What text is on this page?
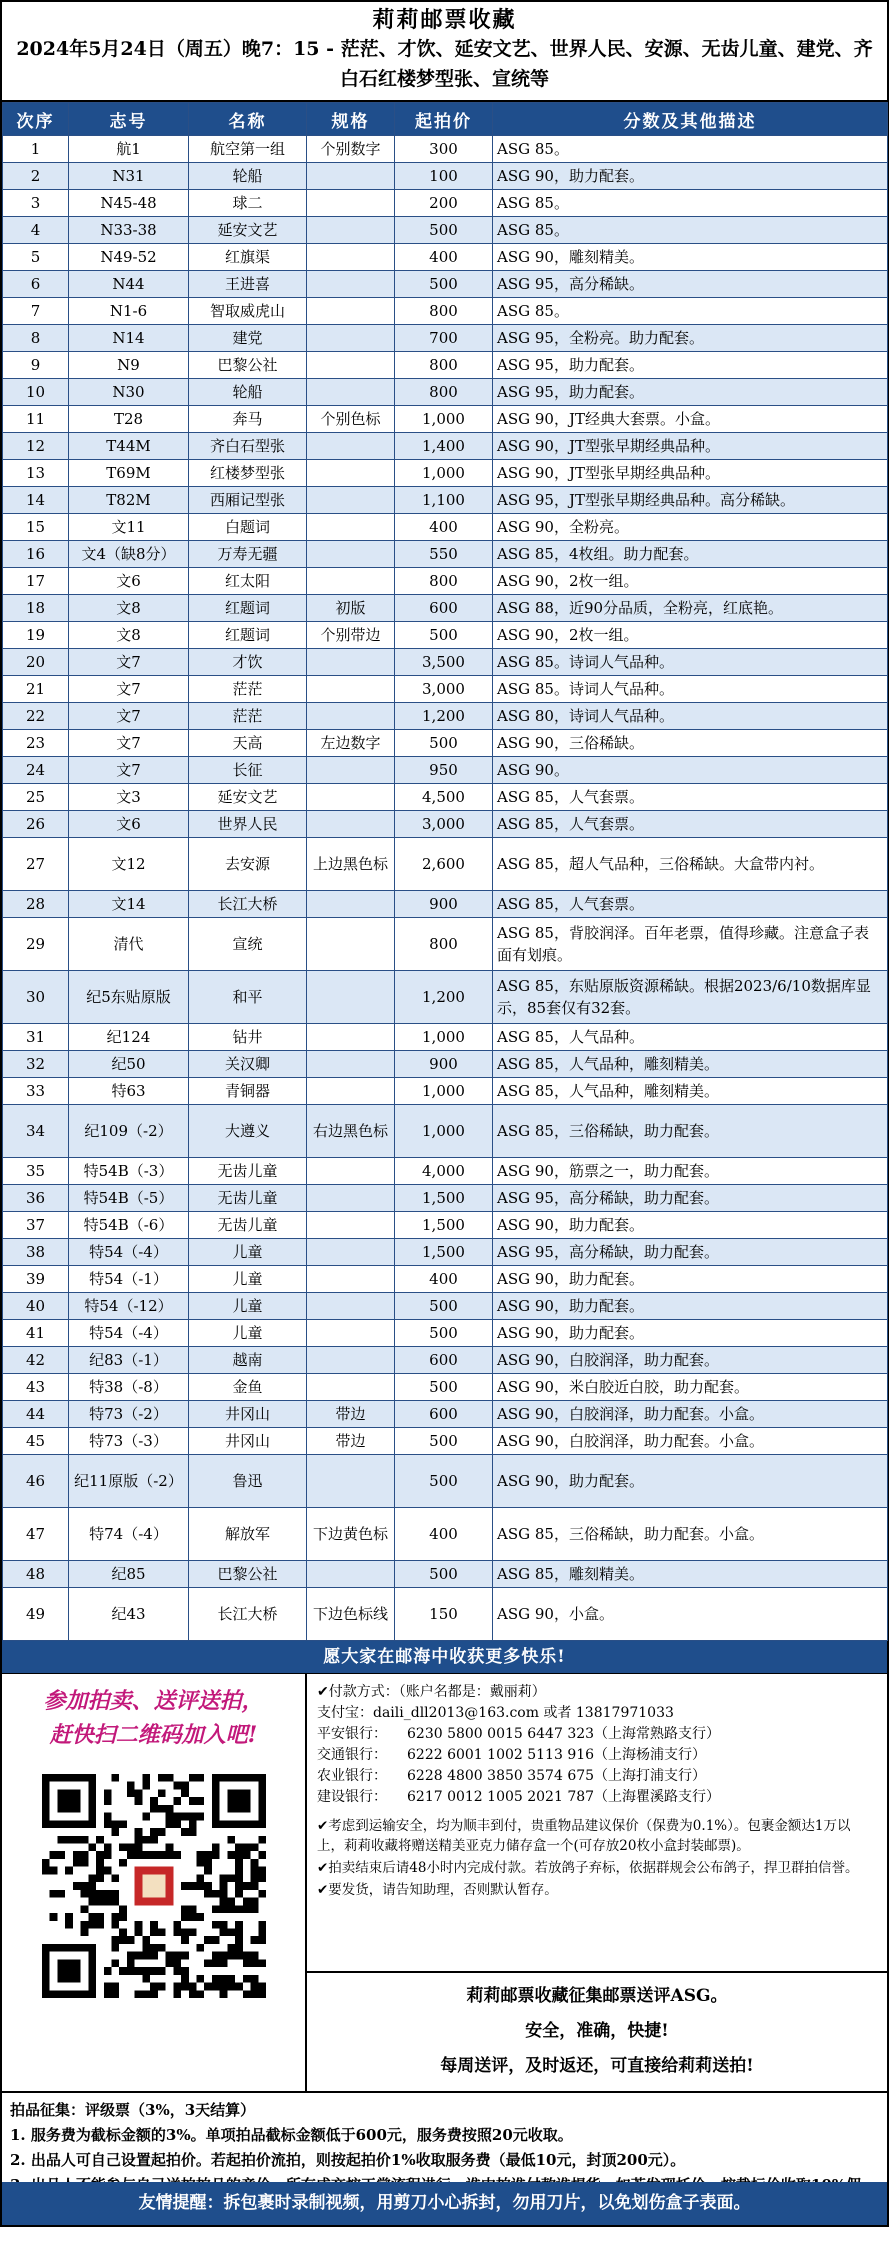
莉莉邮票收藏
2024年5月24日（周五）晚7：15 - 茫茫、才饮、延安文艺、世界人民、安源、无齿儿童、建党、齐白石红楼梦型张、宣统等
次序	志号	名称	规格	起拍价	分数及其他描述
1	航1	航空第一组	个别数字	300	ASG 85。
2	N31	轮船		100	ASG 90，助力配套。
3	N45-48	球二		200	ASG 85。
4	N33-38	延安文艺		500	ASG 85。
5	N49-52	红旗渠		400	ASG 90，雕刻精美。
6	N44	王进喜		500	ASG 95，高分稀缺。
7	N1-6	智取威虎山		800	ASG 85。
8	N14	建党		700	ASG 95，全粉亮。助力配套。
9	N9	巴黎公社		800	ASG 95，助力配套。
10	N30	轮船		800	ASG 95，助力配套。
11	T28	奔马	个别色标	1,000	ASG 90，JT经典大套票。小盒。
12	T44M	齐白石型张		1,400	ASG 90，JT型张早期经典品种。
13	T69M	红楼梦型张		1,000	ASG 90，JT型张早期经典品种。
14	T82M	西厢记型张		1,100	ASG 95，JT型张早期经典品种。高分稀缺。
15	文11	白题词		400	ASG 90，全粉亮。
16	文4（缺8分）	万寿无疆		550	ASG 85，4枚组。助力配套。
17	文6	红太阳		800	ASG 90，2枚一组。
18	文8	红题词	初版	600	ASG 88，近90分品质，全粉亮，红底艳。
19	文8	红题词	个别带边	500	ASG 90，2枚一组。
20	文7	才饮		3,500	ASG 85。诗词人气品种。
21	文7	茫茫		3,000	ASG 85。诗词人气品种。
22	文7	茫茫		1,200	ASG 80，诗词人气品种。
23	文7	天高	左边数字	500	ASG 90，三俗稀缺。
24	文7	长征		950	ASG 90。
25	文3	延安文艺		4,500	ASG 85，人气套票。
26	文6	世界人民		3,000	ASG 85，人气套票。
27	文12	去安源	上边黑色标	2,600	ASG 85，超人气品种，三俗稀缺。大盒带内衬。
28	文14	长江大桥		900	ASG 85，人气套票。
29	清代	宣统		800	ASG 85，背胶润泽。百年老票，值得珍藏。注意盒子表面有划痕。
30	纪5东贴原版	和平		1,200	ASG 85，东贴原版资源稀缺。根据2023/6/10数据库显示，85套仅有32套。
31	纪124	钻井		1,000	ASG 85，人气品种。
32	纪50	关汉卿		900	ASG 85，人气品种，雕刻精美。
33	特63	青铜器		1,000	ASG 85，人气品种，雕刻精美。
34	纪109（-2）	大遵义	右边黑色标	1,000	ASG 85，三俗稀缺，助力配套。
35	特54B（-3）	无齿儿童		4,000	ASG 90，筋票之一，助力配套。
36	特54B（-5）	无齿儿童		1,500	ASG 95，高分稀缺，助力配套。
37	特54B（-6）	无齿儿童		1,500	ASG 90，助力配套。
38	特54（-4）	儿童		1,500	ASG 95，高分稀缺，助力配套。
39	特54（-1）	儿童		400	ASG 90，助力配套。
40	特54（-12）	儿童		500	ASG 90，助力配套。
41	特54（-4）	儿童		500	ASG 90，助力配套。
42	纪83（-1）	越南		600	ASG 90，白胶润泽，助力配套。
43	特38（-8）	金鱼		500	ASG 90，米白胶近白胶，助力配套。
44	特73（-2）	井冈山	带边	600	ASG 90，白胶润泽，助力配套。小盒。
45	特73（-3）	井冈山	带边	500	ASG 90，白胶润泽，助力配套。小盒。
46	纪11原版（-2）	鲁迅		500	ASG 90，助力配套。
47	特74（-4）	解放军	下边黄色标	400	ASG 85，三俗稀缺，助力配套。小盒。
48	纪85	巴黎公社		500	ASG 85，雕刻精美。
49	纪43	长江大桥	下边色标线	150	ASG 90，小盒。
愿大家在邮海中收获更多快乐!
参加拍卖、送评送拍，
赶快扫二维码加入吧!
✔付款方式：（账户名都是：戴丽莉）
支付宝：daili_dll2013@163.com 或者 13817971033
平安银行：	6230 5800 0015 6447 323（上海常熟路支行）
交通银行：	6222 6001 1002 5113 916（上海杨浦支行）
农业银行：	6228 4800 3850 3574 675（上海打浦支行）
建设银行：	6217 0012 1005 2021 787（上海瞿溪路支行）

✔考虑到运输安全，均为顺丰到付，贵重物品建议保价（保费为0.1%）。包裹金额达1万以上，莉莉收藏将赠送精美亚克力储存盒一个(可存放20枚小盒封装邮票)。

✔拍卖结束后请48小时内完成付款。若放鸽子弃标，依据群规会公布鸽子，捍卫群拍信誉。

✔要发货，请告知助理，否则默认暂存。

莉莉邮票收藏征集邮票送评ASG。
安全，准确，快捷!
每周送评，及时返还，可直接给莉莉送拍!

拍品征集：评级票（3%，3天结算）

1. 服务费为截标金额的3%。单项拍品截标金额低于600元，服务费按照20元收取。

2. 出品人可自己设置起拍价。若起拍价流拍，则按起拍价1%收取服务费（最低10元，封顶200元）。

友情提醒：拆包裹时录制视频，用剪刀小心拆封，勿用刀片，以免划伤盒子表面。
